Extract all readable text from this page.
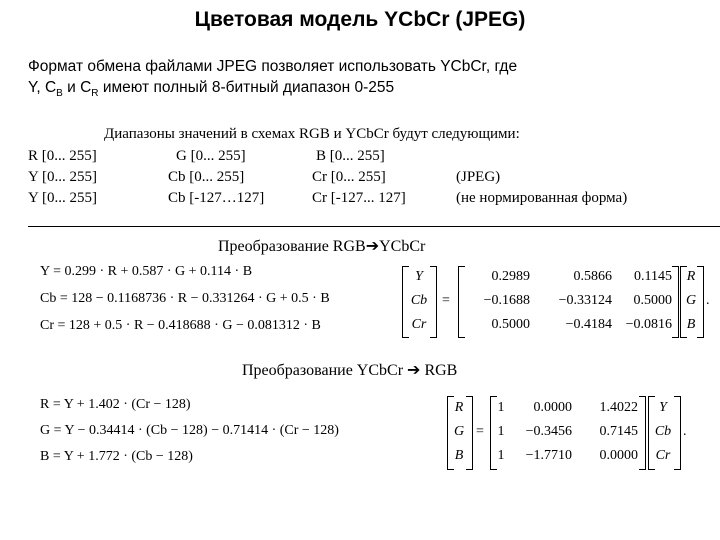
Цветовая модель YCbCr (JPEG)
Формат обмена файлами JPEG позволяет использовать YCbCr, где
Y, $C_B$ и $C_R$ имеют полный 8-битный диапазон 0-255
Диапазоны значений в схемах RGB и YCbCr будут следующими:
R [0... 255]	G [0... 255]	B [0... 255]
Y [0... 255]	Cb [0... 255]	Cr [0... 255]	(JPEG)
Y [0... 255]	Cb [-127…127]	Cr [-127... 127]	(не нормированная форма)
Преобразование RGB➔YCbCr
Y = 0.299 · R + 0.587 · G + 0.114 · B
Cb = 128 − 0.1168736 · R − 0.331264 · G + 0.5 · B
Cr = 128 + 0.5 · R − 0.418688 · G − 0.081312 · B
Y
Cb
Cr
=
0.2989	0.5866	0.1145
−0.1688	−0.33124	0.5000
0.5000	−0.4184 −0.0816
R
G
B
.
Преобразование YCbCr ➔ RGB
R = Y + 1.402 · (Cr − 128)
G = Y − 0.34414 · (Cb − 128) − 0.71414 · (Cr − 128)
B = Y + 1.772 · (Cb − 128)
R
G
B
=
1	0.0000	1.4022
1	−0.3456	0.7145
1	−1.7710	0.0000
Y
Cb
Cr
.
